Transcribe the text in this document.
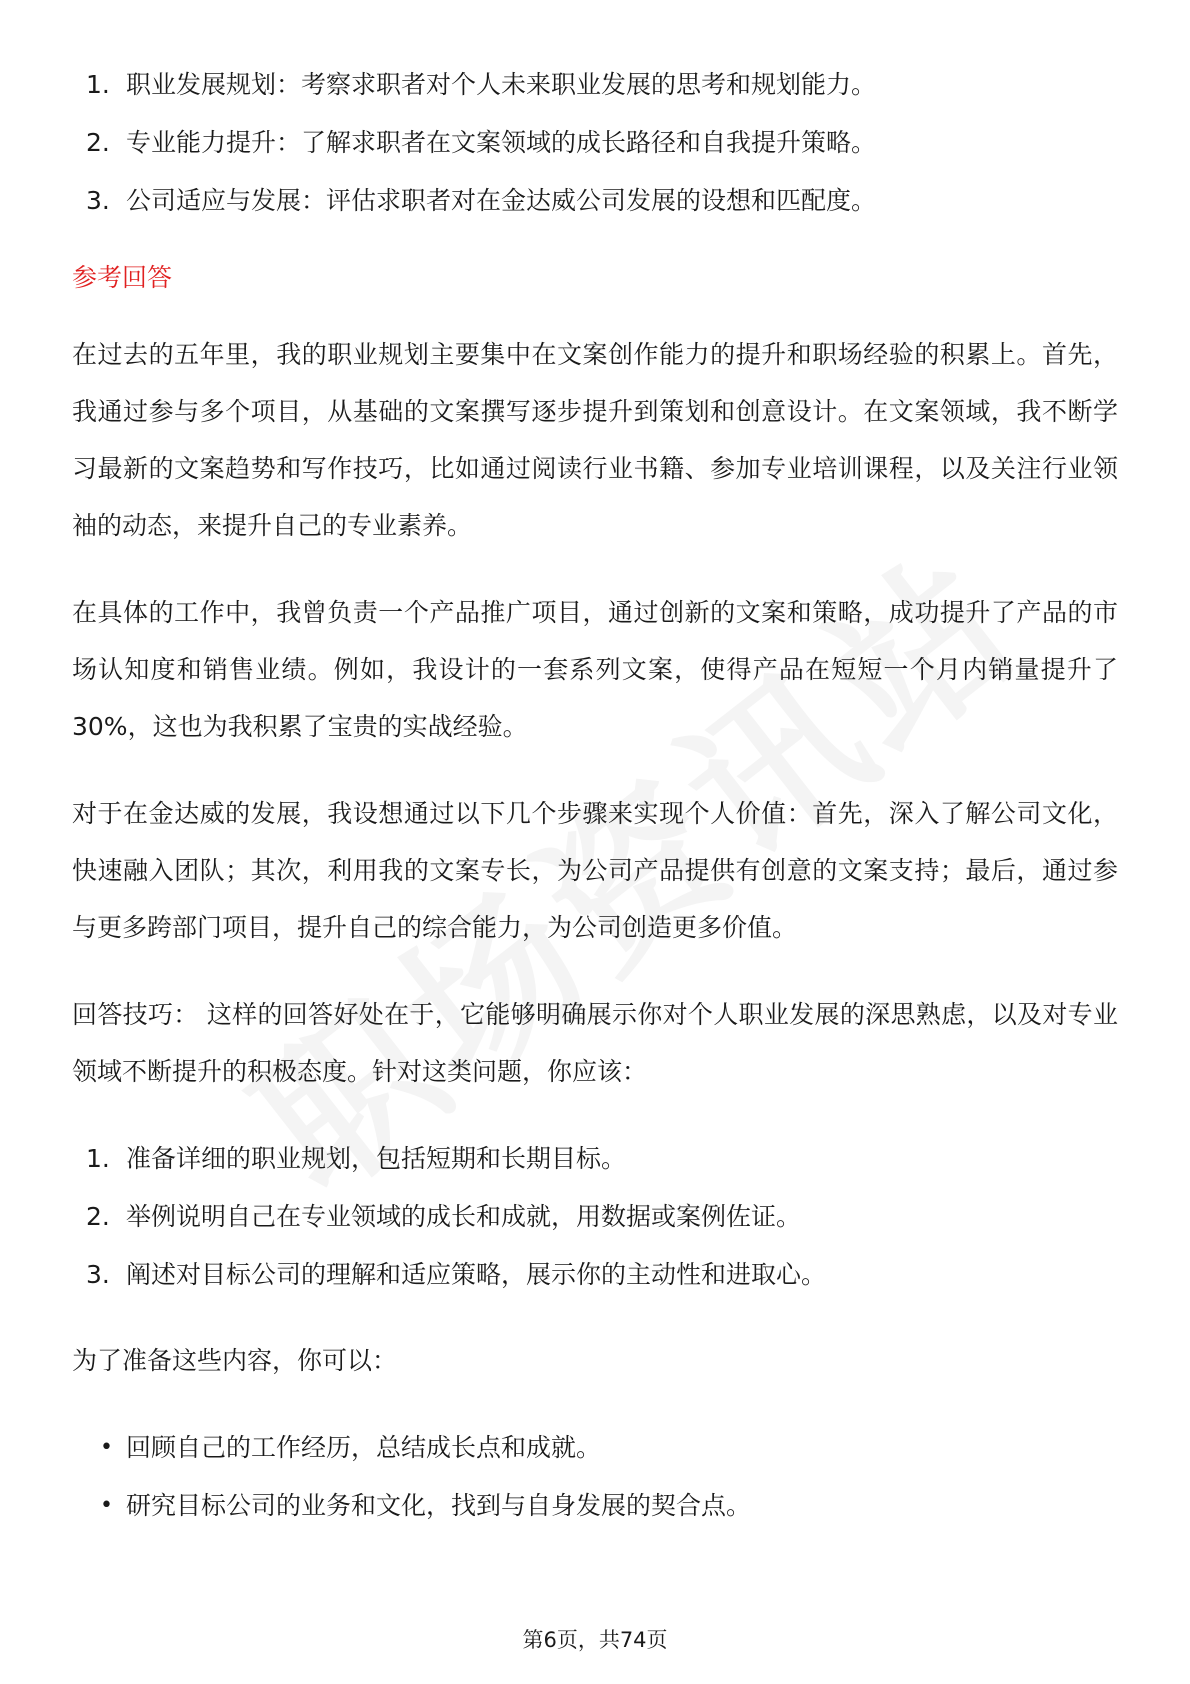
1. 职业发展规划：考察求职者对个人未来职业发展的思考和规划能力。
2. 专业能力提升：了解求职者在文案领域的成长路径和自我提升策略。
3. 公司适应与发展：评估求职者对在金达威公司发展的设想和匹配度。
参考回答

在过去的五年里，我的职业规划主要集中在文案创作能力的提升和职场经验的积累上。首先，我通过参与多个项目，从基础的文案撰写逐步提升到策划和创意设计。在文案领域，我不断学习最新的文案趋势和写作技巧，比如通过阅读行业书籍、参加专业培训课程，以及关注行业领袖的动态，来提升自己的专业素养。

在具体的工作中，我曾负责一个产品推广项目，通过创新的文案和策略，成功提升了产品的市场认知度和销售业绩。例如，我设计的一套系列文案，使得产品在短短一个月内销量提升了30%，这也为我积累了宝贵的实战经验。

对于在金达威的发展，我设想通过以下几个步骤来实现个人价值：首先，深入了解公司文化，快速融入团队；其次，利用我的文案专长，为公司产品提供有创意的文案支持；最后，通过参与更多跨部门项目，提升自己的综合能力，为公司创造更多价值。

回答技巧： 这样的回答好处在于，它能够明确展示你对个人职业发展的深思熟虑，以及对专业领域不断提升的积极态度。针对这类问题，你应该：

1. 准备详细的职业规划，包括短期和长期目标。
2. 举例说明自己在专业领域的成长和成就，用数据或案例佐证。
3. 阐述对目标公司的理解和适应策略，展示你的主动性和进取心。

为了准备这些内容，你可以：

• 回顾自己的工作经历，总结成长点和成就。
• 研究目标公司的业务和文化，找到与自身发展的契合点。
第6页，共74页
